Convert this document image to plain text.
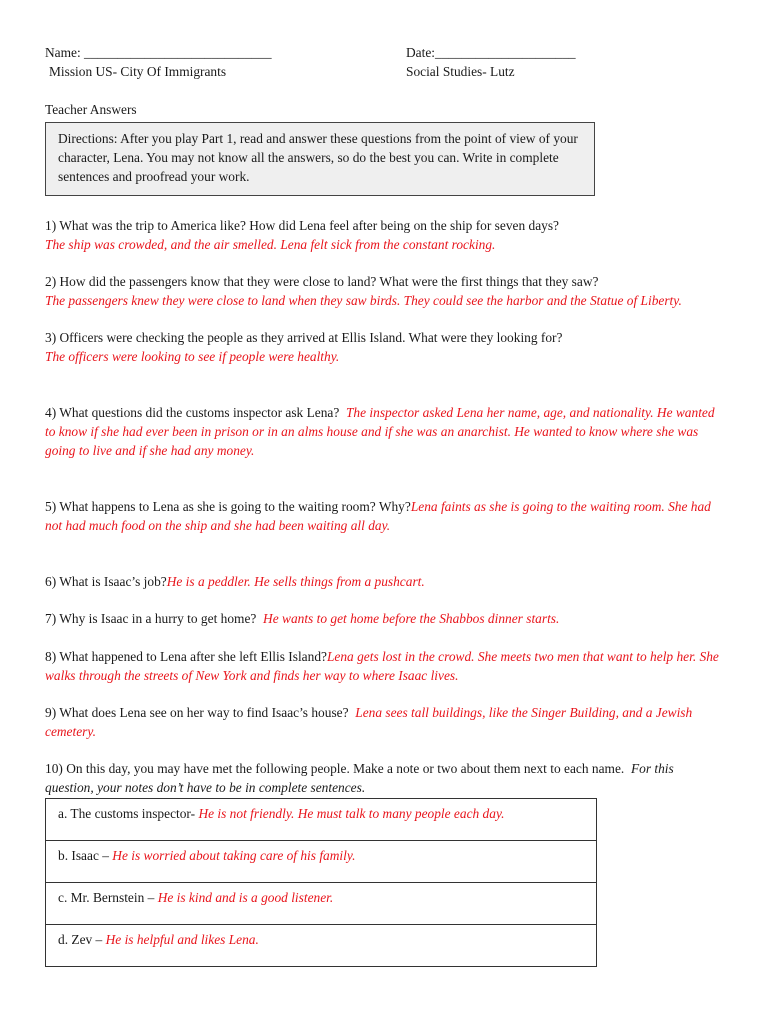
Name: ____________________________	Date:_____________________
Mission US- City Of Immigrants	Social Studies- Lutz
Teacher Answers
Directions: After you play Part 1, read and answer these questions from the point of view of your character, Lena. You may not know all the answers, so do the best you can. Write in complete sentences and proofread your work.
1) What was the trip to America like? How did Lena feel after being on the ship for seven days?
The ship was crowded, and the air smelled. Lena felt sick from the constant rocking.
2) How did the passengers know that they were close to land? What were the first things that they saw?
The passengers knew they were close to land when they saw birds. They could see the harbor and the Statue of Liberty.
3) Officers were checking the people as they arrived at Ellis Island. What were they looking for?
The officers were looking to see if people were healthy.
4) What questions did the customs inspector ask Lena? The inspector asked Lena her name, age, and nationality. He wanted to know if she had ever been in prison or in an alms house and if she was an anarchist. He wanted to know where she was going to live and if she had any money.
5) What happens to Lena as she is going to the waiting room? Why?Lena faints as she is going to the waiting room. She had not had much food on the ship and she had been waiting all day.
6) What is Isaac’s job?He is a peddler. He sells things from a pushcart.
7) Why is Isaac in a hurry to get home? He wants to get home before the Shabbos dinner starts.
8) What happened to Lena after she left Ellis Island?Lena gets lost in the crowd. She meets two men that want to help her. She walks through the streets of New York and finds her way to where Isaac lives.
9) What does Lena see on her way to find Isaac’s house? Lena sees tall buildings, like the Singer Building, and a Jewish cemetery.
10) On this day, you may have met the following people. Make a note or two about them next to each name. For this question, your notes don’t have to be in complete sentences.
a. The customs inspector- He is not friendly. He must talk to many people each day.
b. Isaac – He is worried about taking care of his family.
c. Mr. Bernstein – He is kind and is a good listener.
d. Zev – He is helpful and likes Lena.
